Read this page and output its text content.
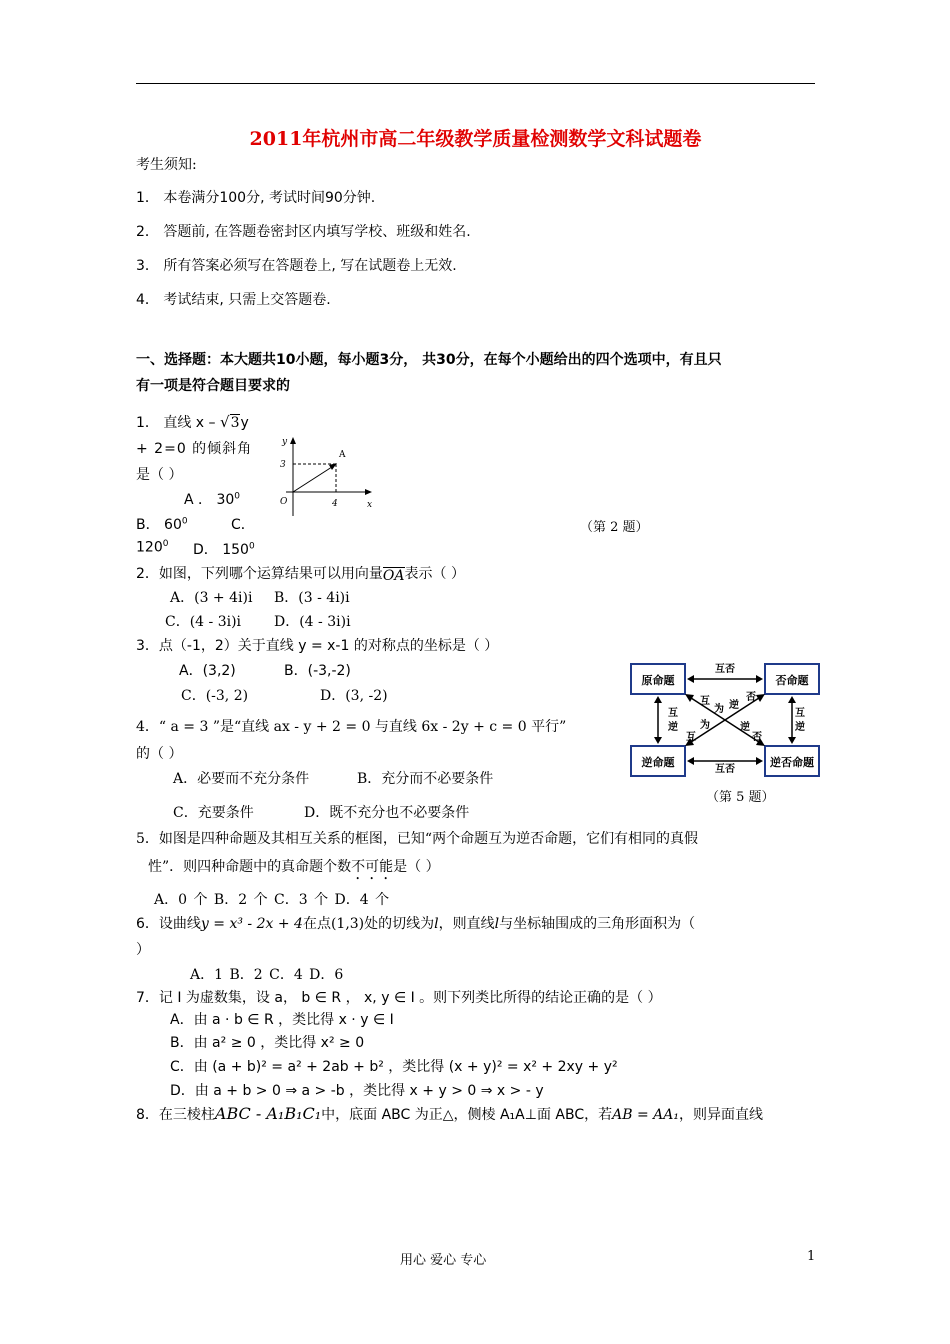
2011年杭州市高二年级教学质量检测数学文科试题卷
考生须知:
1． 本卷满分100分, 考试时间90分钟.
2． 答题前, 在答题卷密封区内填写学校、班级和姓名.
3． 所有答案必须写在答题卷上, 写在试题卷上无效.
4． 考试结束, 只需上交答题卷.
一、选择题：本大题共10小题，每小题3分， 共30分，在每个小题给出的四个选项中，有且只
有一项是符合题目要求的
1． 直线 x – √3y
+ 2=0 的倾斜角
是（ ）
A ． $30^0$
B． $60^0$	C．
$120^0$ D． $150^0$
y
x
O
3
4
A
（第 2 题）
2．如图，下列哪个运算结果可以用向量OA表示（ ）
A．(3 + 4i)i B．(3 - 4i)i
C．(4 - 3i)i D．(4 - 3i)i
3．点（-1，2）关于直线 y = x-1 的对称点的坐标是（ ）
A．(3,2)	B．(-3,-2)
C．(-3, 2)	D．(3, -2)
原命题	否命题
逆命题	逆否命题
互否
互否
互
逆
互
逆
互
为 逆
否
互
为	逆
否
（第 5 题）
4．“ a = 3 ”是“直线 ax - y + 2 = 0 与直线 6x - 2y + c = 0 平行”
的（ ）
A．必要而不充分条件	B．充分而不必要条件
C．充要条件	D．既不充分也不必要条件
5．如图是四种命题及其相互关系的框图，已知“两个命题互为逆否命题，它们有相同的真假
性”．则四种命题中的真命题个数不可能是（ ）
A．0 个 B．2 个 C．3 个 D．4 个
6．设曲线y = x³ - 2x + 4在点(1,3)处的切线为l，则直线l与坐标轴围成的三角形面积为（
）
A．1 B．2 C．4 D．6
7．记 I 为虚数集，设 a， b ∈ R ， x, y ∈ I 。则下列类比所得的结论正确的是（ ）
A．由 a · b ∈ R ，类比得 x · y ∈ I
B．由 a² ≥ 0 ，类比得 x² ≥ 0
C．由 (a + b)² = a² + 2ab + b² ，类比得 (x + y)² = x² + 2xy + y²
D．由 a + b > 0 ⇒ a > -b ，类比得 x + y > 0 ⇒ x > - y
8．在三棱柱ABC - A₁B₁C₁中，底面 ABC 为正△，侧棱 A₁A⊥面 ABC，若AB = AA₁，则异面直线
用心 爱心 专心	1
